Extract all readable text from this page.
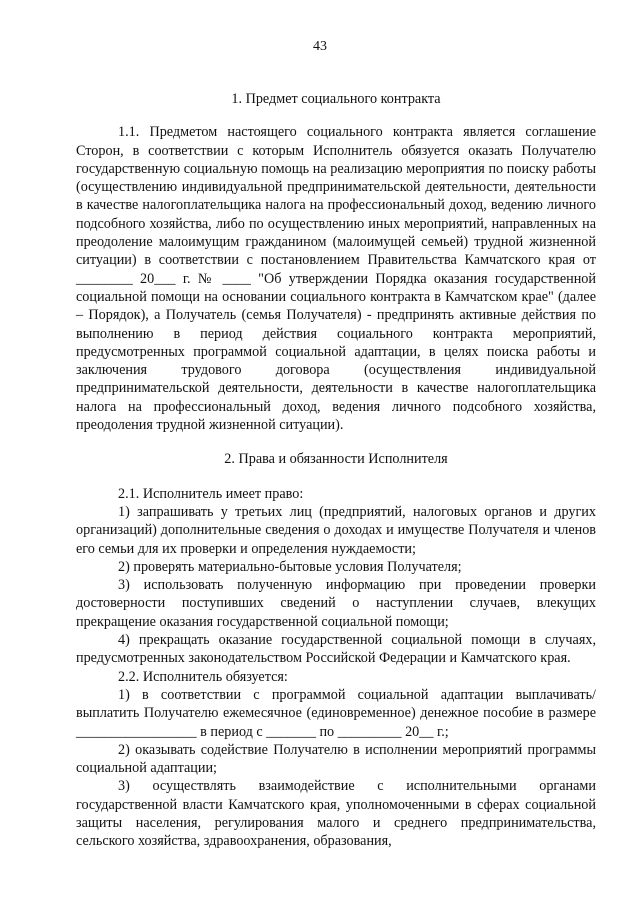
43

1. Предмет социального контракта

1.1. Предметом настоящего социального контракта является соглашение Сторон, в соответствии с которым Исполнитель обязуется оказать Получателю государственную социальную помощь на реализацию мероприятия по поиску работы (осуществлению индивидуальной предпринимательской деятельности, деятельности в качестве налогоплательщика налога на профессиональный доход, ведению личного подсобного хозяйства, либо по осуществлению иных мероприятий, направленных на преодоление малоимущим гражданином (малоимущей семьей) трудной жизненной ситуации) в соответствии с постановлением Правительства Камчатского края от ________ 20___ г. № ____ "Об утверждении Порядка оказания государственной социальной помощи на основании социального контракта в Камчатском крае" (далее – Порядок), а Получатель (семья Получателя) - предпринять активные действия по выполнению в период действия социального контракта мероприятий, предусмотренных программой социальной адаптации, в целях поиска работы и заключения трудового договора (осуществления индивидуальной предпринимательской деятельности, деятельности в качестве налогоплательщика налога на профессиональный доход, ведения личного подсобного хозяйства, преодоления трудной жизненной ситуации).

2. Права и обязанности Исполнителя

2.1. Исполнитель имеет право:

1) запрашивать у третьих лиц (предприятий, налоговых органов и других организаций) дополнительные сведения о доходах и имуществе Получателя и членов его семьи для их проверки и определения нуждаемости;

2) проверять материально-бытовые условия Получателя;

3) использовать полученную информацию при проведении проверки достоверности поступивших сведений о наступлении случаев, влекущих прекращение оказания государственной социальной помощи;

4) прекращать оказание государственной социальной помощи в случаях, предусмотренных законодательством Российской Федерации и Камчатского края.

2.2. Исполнитель обязуется:

1) в соответствии с программой социальной адаптации выплачивать/выплатить Получателю ежемесячное (единовременное) денежное пособие в размере _________________ в период с _______ по _________ 20__ г.;

2) оказывать содействие Получателю в исполнении мероприятий программы социальной адаптации;

3) осуществлять взаимодействие с исполнительными органами государственной власти Камчатского края, уполномоченными в сферах социальной защиты населения, регулирования малого и среднего предпринимательства, сельского хозяйства, здравоохранения, образования,
